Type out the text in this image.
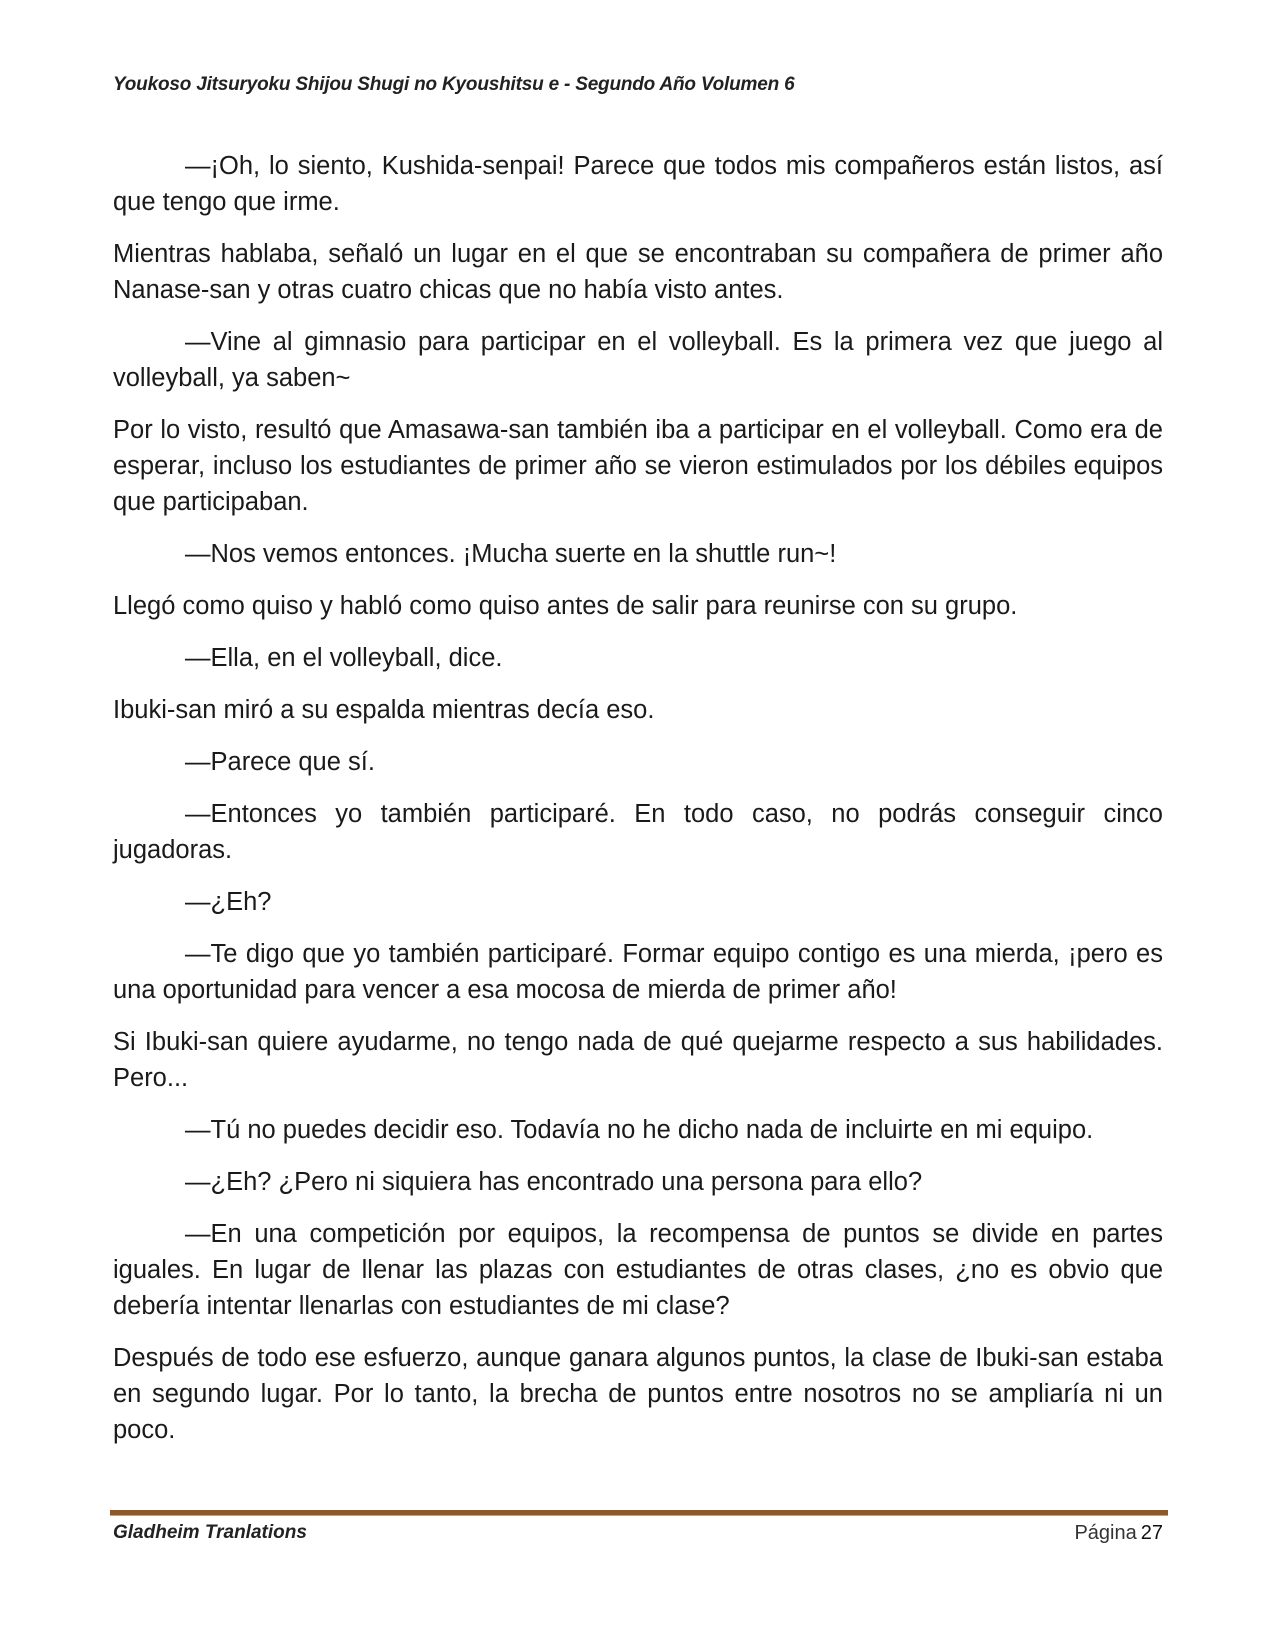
Youkoso Jitsuryoku Shijou Shugi no Kyoushitsu e - Segundo Año Volumen 6

—¡Oh, lo siento, Kushida-senpai! Parece que todos mis compañeros están listos, así que tengo que irme.

Mientras hablaba, señaló un lugar en el que se encontraban su compañera de primer año Nanase-san y otras cuatro chicas que no había visto antes.

—Vine al gimnasio para participar en el volleyball. Es la primera vez que juego al volleyball, ya saben~

Por lo visto, resultó que Amasawa-san también iba a participar en el volleyball. Como era de esperar, incluso los estudiantes de primer año se vieron estimulados por los débiles equipos que participaban.

—Nos vemos entonces. ¡Mucha suerte en la shuttle run~!

Llegó como quiso y habló como quiso antes de salir para reunirse con su grupo.

—Ella, en el volleyball, dice.

Ibuki-san miró a su espalda mientras decía eso.

—Parece que sí.

—Entonces yo también participaré. En todo caso, no podrás conseguir cinco jugadoras.

—¿Eh?

—Te digo que yo también participaré. Formar equipo contigo es una mierda, ¡pero es una oportunidad para vencer a esa mocosa de mierda de primer año!

Si Ibuki-san quiere ayudarme, no tengo nada de qué quejarme respecto a sus habilidades. Pero...

—Tú no puedes decidir eso. Todavía no he dicho nada de incluirte en mi equipo.

—¿Eh? ¿Pero ni siquiera has encontrado una persona para ello?

—En una competición por equipos, la recompensa de puntos se divide en partes iguales. En lugar de llenar las plazas con estudiantes de otras clases, ¿no es obvio que debería intentar llenarlas con estudiantes de mi clase?

Después de todo ese esfuerzo, aunque ganara algunos puntos, la clase de Ibuki-san estaba en segundo lugar. Por lo tanto, la brecha de puntos entre nosotros no se ampliaría ni un poco.

Gladheim Tranlations	Página 27
